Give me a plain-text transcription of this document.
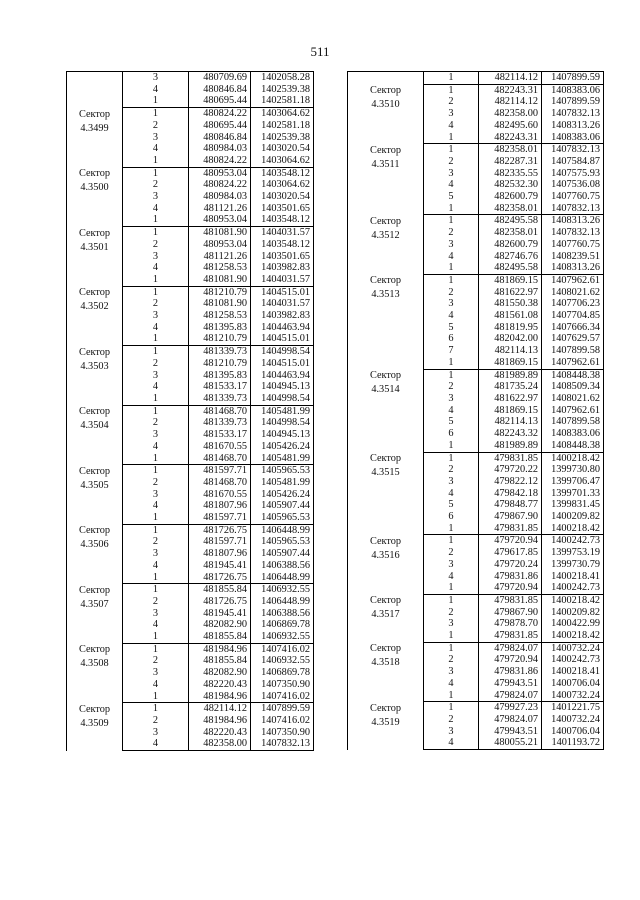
511
	3	480709.69	1402058.28
	4	480846.84	1402539.38
	1	480695.44	1402581.18

Сектор
4.3499	1	480824.22	1403064.62
	2	480695.44	1402581.18
	3	480846.84	1402539.38
	4	480984.03	1403020.54
	1	480824.22	1403064.62

Сектор
4.3500	1	480953.04	1403548.12
	2	480824.22	1403064.62
	3	480984.03	1403020.54
	4	481121.26	1403501.65
	1	480953.04	1403548.12

Сектор
4.3501	1	481081.90	1404031.57
	2	480953.04	1403548.12
	3	481121.26	1403501.65
	4	481258.53	1403982.83
	1	481081.90	1404031.57

Сектор
4.3502	1	481210.79	1404515.01
	2	481081.90	1404031.57
	3	481258.53	1403982.83
	4	481395.83	1404463.94
	1	481210.79	1404515.01

Сектор
4.3503	1	481339.73	1404998.54
	2	481210.79	1404515.01
	3	481395.83	1404463.94
	4	481533.17	1404945.13
	1	481339.73	1404998.54

Сектор
4.3504	1	481468.70	1405481.99
	2	481339.73	1404998.54
	3	481533.17	1404945.13
	4	481670.55	1405426.24
	1	481468.70	1405481.99

Сектор
4.3505	1	481597.71	1405965.53
	2	481468.70	1405481.99
	3	481670.55	1405426.24
	4	481807.96	1405907.44
	1	481597.71	1405965.53

Сектор
4.3506	1	481726.75	1406448.99
	2	481597.71	1405965.53
	3	481807.96	1405907.44
	4	481945.41	1406388.56
	1	481726.75	1406448.99

Сектор
4.3507	1	481855.84	1406932.55
	2	481726.75	1406448.99
	3	481945.41	1406388.56
	4	482082.90	1406869.78
	1	481855.84	1406932.55

Сектор
4.3508	1	481984.96	1407416.02
	2	481855.84	1406932.55
	3	482082.90	1406869.78
	4	482220.43	1407350.90
	1	481984.96	1407416.02

Сектор
4.3509	1	482114.12	1407899.59
	2	481984.96	1407416.02
	3	482220.43	1407350.90
	4	482358.00	1407832.13
	1	482114.12	1407899.59

Сектор
4.3510	1	482243.31	1408383.06
	2	482114.12	1407899.59
	3	482358.00	1407832.13
	4	482495.60	1408313.26
	1	482243.31	1408383.06

Сектор
4.3511	1	482358.01	1407832.13
	2	482287.31	1407584.87
	3	482335.55	1407575.93
	4	482532.30	1407536.08
	5	482600.79	1407760.75
	1	482358.01	1407832.13

Сектор
4.3512	1	482495.58	1408313.26
	2	482358.01	1407832.13
	3	482600.79	1407760.75
	4	482746.76	1408239.51
	1	482495.58	1408313.26

Сектор
4.3513	1	481869.15	1407962.61
	2	481622.97	1408021.62
	3	481550.38	1407706.23
	4	481561.08	1407704.85
	5	481819.95	1407666.34
	6	482042.00	1407629.57
	7	482114.13	1407899.58
	1	481869.15	1407962.61

Сектор
4.3514	1	481989.89	1408448.38
	2	481735.24	1408509.34
	3	481622.97	1408021.62
	4	481869.15	1407962.61
	5	482114.13	1407899.58
	6	482243.32	1408383.06
	1	481989.89	1408448.38

Сектор
4.3515	1	479831.85	1400218.42
	2	479720.22	1399730.80
	3	479822.12	1399706.47
	4	479842.18	1399701.33
	5	479848.77	1399831.45
	6	479867.90	1400209.82
	1	479831.85	1400218.42

Сектор
4.3516	1	479720.94	1400242.73
	2	479617.85	1399753.19
	3	479720.24	1399730.79
	4	479831.86	1400218.41
	1	479720.94	1400242.73

Сектор
4.3517	1	479831.85	1400218.42
	2	479867.90	1400209.82
	3	479878.70	1400422.99
	1	479831.85	1400218.42

Сектор
4.3518	1	479824.07	1400732.24
	2	479720.94	1400242.73
	3	479831.86	1400218.41
	4	479943.51	1400706.04
	1	479824.07	1400732.24

Сектор
4.3519	1	479927.23	1401221.75
	2	479824.07	1400732.24
	3	479943.51	1400706.04
	4	480055.21	1401193.72
